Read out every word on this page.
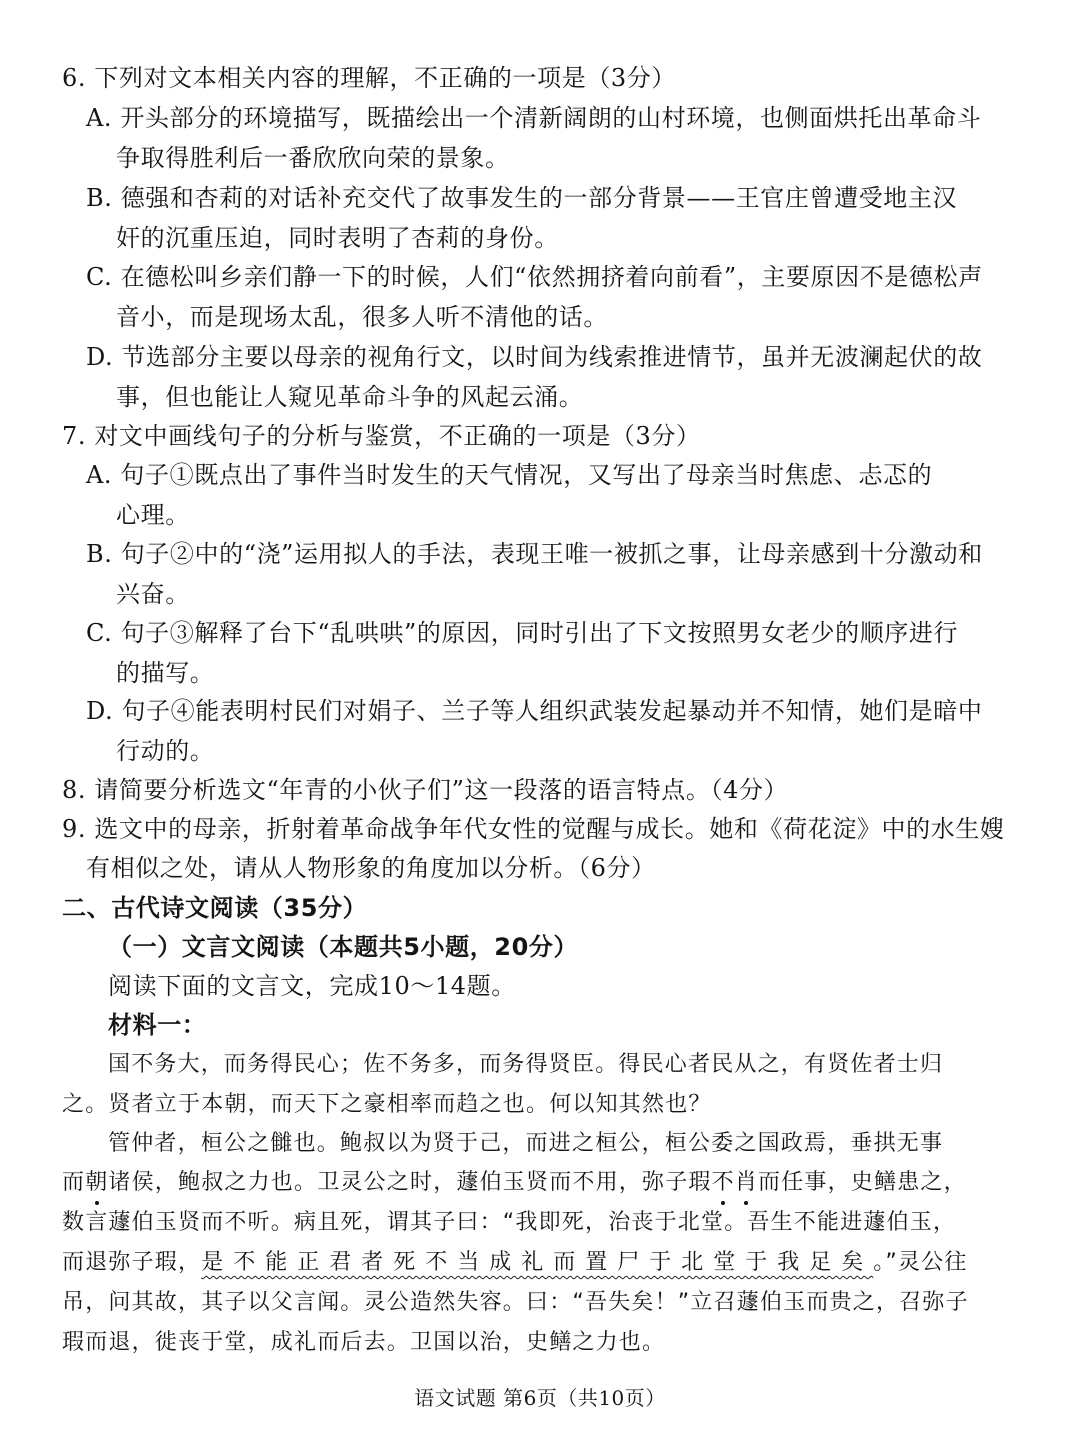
6. 下列对文本相关内容的理解，不正确的一项是（3分）
A. 开头部分的环境描写，既描绘出一个清新阔朗的山村环境，也侧面烘托出革命斗
争取得胜利后一番欣欣向荣的景象。
B. 德强和杏莉的对话补充交代了故事发生的一部分背景——王官庄曾遭受地主汉
奸的沉重压迫，同时表明了杏莉的身份。
C. 在德松叫乡亲们静一下的时候，人们“依然拥挤着向前看”，主要原因不是德松声
音小，而是现场太乱，很多人听不清他的话。
D. 节选部分主要以母亲的视角行文，以时间为线索推进情节，虽并无波澜起伏的故
事，但也能让人窥见革命斗争的风起云涌。
7. 对文中画线句子的分析与鉴赏，不正确的一项是（3分）
A. 句子①既点出了事件当时发生的天气情况，又写出了母亲当时焦虑、忐忑的
心理。
B. 句子②中的“浇”运用拟人的手法，表现王唯一被抓之事，让母亲感到十分激动和
兴奋。
C. 句子③解释了台下“乱哄哄”的原因，同时引出了下文按照男女老少的顺序进行
的描写。
D. 句子④能表明村民们对娟子、兰子等人组织武装发起暴动并不知情，她们是暗中
行动的。
8. 请简要分析选文“年青的小伙子们”这一段落的语言特点。（4分）
9. 选文中的母亲，折射着革命战争年代女性的觉醒与成长。她和《荷花淀》中的水生嫂
有相似之处，请从人物形象的角度加以分析。（6分）
二、古代诗文阅读（35分）
（一）文言文阅读（本题共5小题，20分）
阅读下面的文言文，完成10～14题。
材料一：
国不务大，而务得民心；佐不务多，而务得贤臣。得民心者民从之，有贤佐者士归
之。贤者立于本朝，而天下之豪相率而趋之也。何以知其然也？
管仲者，桓公之雠也。鲍叔以为贤于己，而进之桓公，桓公委之国政焉，垂拱无事
而朝诸侯，鲍叔之力也。卫灵公之时，蘧伯玉贤而不用，弥子瑕不肖而任事，史鳝患之，
数言蘧伯玉贤而不听。病且死，谓其子曰：“我即死，治丧于北堂。吾生不能进蘧伯玉，
而退弥子瑕，是不能正君者死不当成礼而置尸于北堂于我足矣。”灵公往
吊，问其故，其子以父言闻。灵公造然失容。曰：“吾失矣！”立召蘧伯玉而贵之，召弥子
瑕而退，徙丧于堂，成礼而后去。卫国以治，史鳝之力也。
语文试题 第6页（共10页）
